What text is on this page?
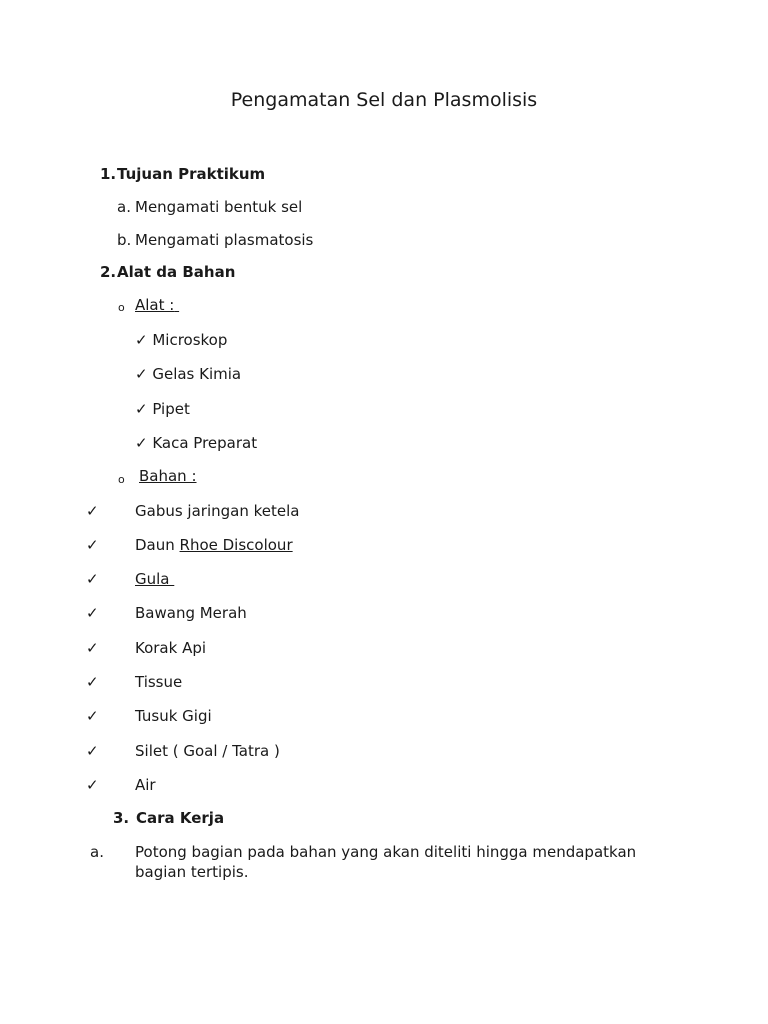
Pengamatan Sel dan Plasmolisis
1. Tujuan Praktikum
a. Mengamati bentuk sel
b. Mengamati plasmatosis
2. Alat da Bahan
o Alat :
✓ Microskop
✓ Gelas Kimia
✓ Pipet
✓ Kaca Preparat
o Bahan :
✓ Gabus jaringan ketela
✓ Daun Rhoe Discolour
✓ Gula
✓ Bawang Merah
✓ Korak Api
✓ Tissue
✓ Tusuk Gigi
✓ Silet ( Goal / Tatra )
✓ Air
3. Cara Kerja
a. Potong bagian pada bahan yang akan diteliti hingga mendapatkan bagian tertipis.
